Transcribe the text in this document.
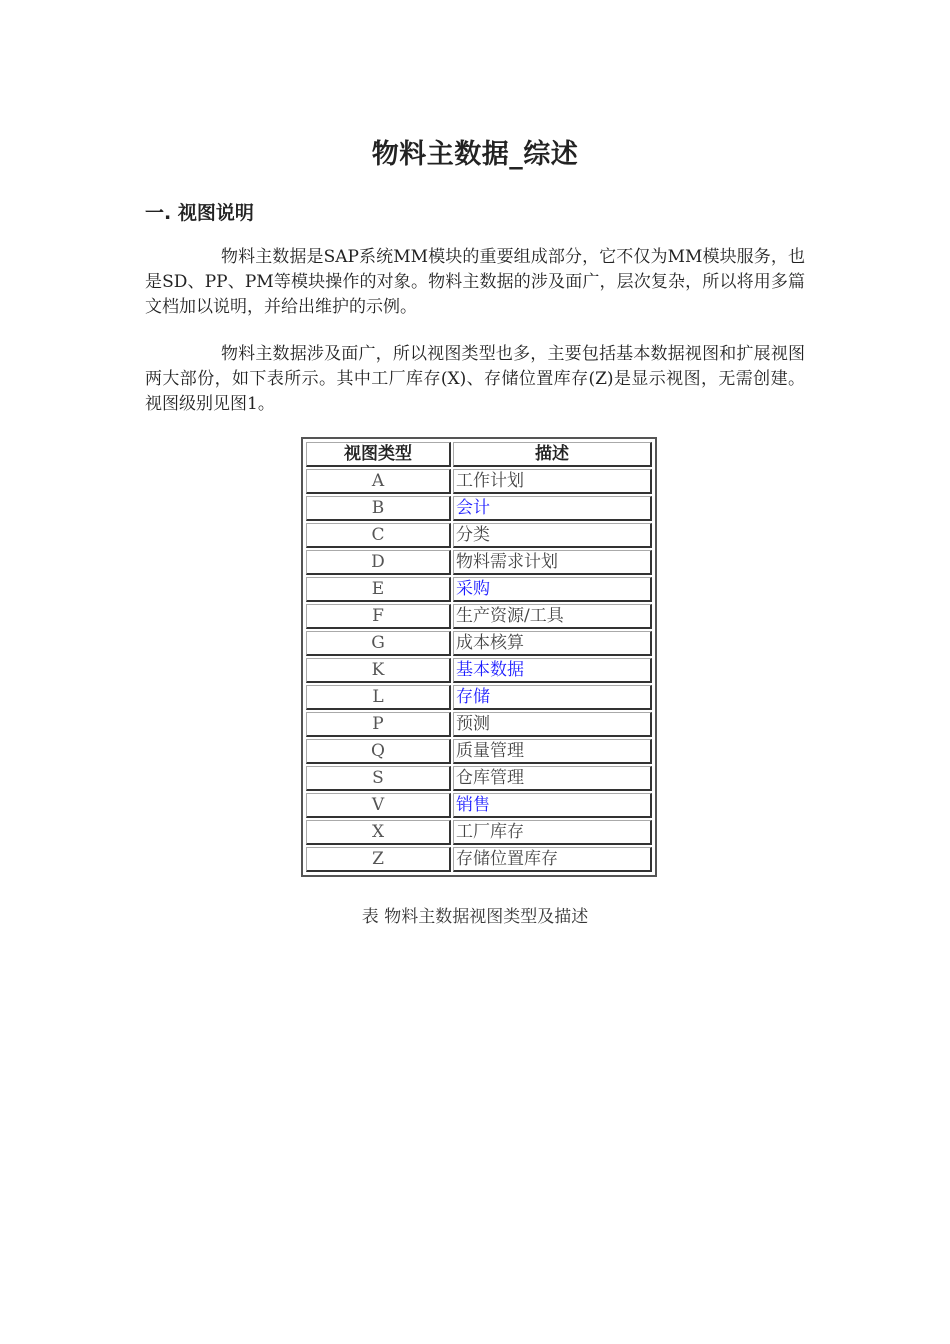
物料主数据_综述
一. 视图说明

物料主数据是SAP系统MM模块的重要组成部分，它不仅为MM模块服务，也是SD、PP、PM等模块操作的对象。物料主数据的涉及面广，层次复杂，所以将用多篇文档加以说明，并给出维护的示例。

物料主数据涉及面广，所以视图类型也多，主要包括基本数据视图和扩展视图两大部份，如下表所示。其中工厂库存(X)、存储位置库存(Z)是显示视图，无需创建。视图级别见图1。

视图类型	描述
A	工作计划
B	会计
C	分类
D	物料需求计划
E	采购
F	生产资源/工具
G	成本核算
K	基本数据
L	存储
P	预测
Q	质量管理
S	仓库管理
V	销售
X	工厂库存
Z	存储位置库存
表 物料主数据视图类型及描述
